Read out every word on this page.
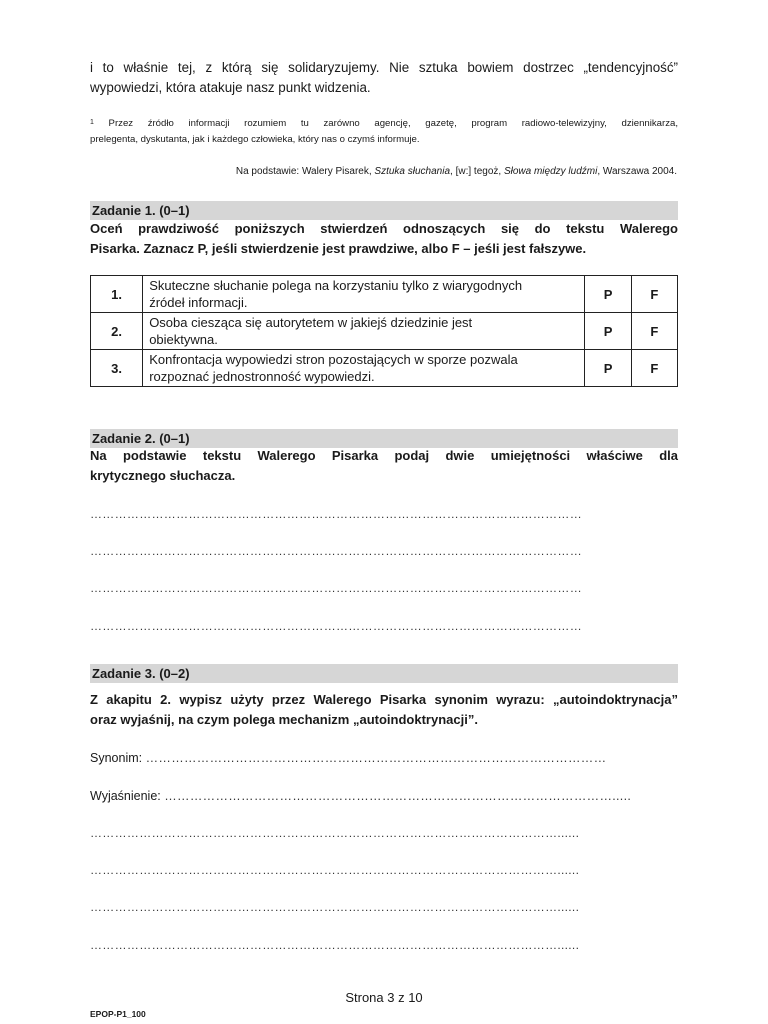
i to właśnie tej, z którą się solidaryzujemy. Nie sztuka bowiem dostrzec „tendencyjność”
wypowiedzi, która atakuje nasz punkt widzenia.
$^1$ Przez źródło informacji rozumiem tu zarówno agencję, gazetę, program radiowo-telewizyjny, dziennikarza,
prelegenta, dyskutanta, jak i każdego człowieka, który nas o czymś informuje.
Na podstawie: Walery Pisarek, Sztuka słuchania, [w:] tegoż, Słowa między ludźmi, Warszawa 2004.
Zadanie 1. (0–1)
Oceń prawdziwość poniższych stwierdzeń odnoszących się do tekstu Walerego
Pisarka. Zaznacz P, jeśli stwierdzenie jest prawdziwe, albo F – jeśli jest fałszywe.
1.	Skuteczne słuchanie polega na korzystaniu tylko z wiarygodnych
źródeł informacji.	P	F
2.	Osoba ciesząca się autorytetem w jakiejś dziedzinie jest
obiektywna.	P	F
3.	Konfrontacja wypowiedzi stron pozostających w sporze pozwala
rozpoznać jednostronność wypowiedzi.	P	F
Zadanie 2. (0–1)
Na podstawie tekstu Walerego Pisarka podaj dwie umiejętności właściwe dla
krytycznego słuchacza.
…………………………………………………………………………………………………………
…………………………………………………………………………………………………………
…………………………………………………………………………………………………………
…………………………………………………………………………………………………………
Zadanie 3. (0–2)
Z akapitu 2. wypisz użyty przez Walerego Pisarka synonim wyrazu: „autoindoktrynacja”
oraz wyjaśnij, na czym polega mechanizm „autoindoktrynacji”.
Synonim: ………………………………………………………………………………………………
Wyjaśnienie: …………………………………………………………………………………………….....
……………………………………………………………………………………………………......
……………………………………………………………………………………………………......
……………………………………………………………………………………………………......
……………………………………………………………………………………………………......
Strona 3 z 10
EPOP-P1_100
